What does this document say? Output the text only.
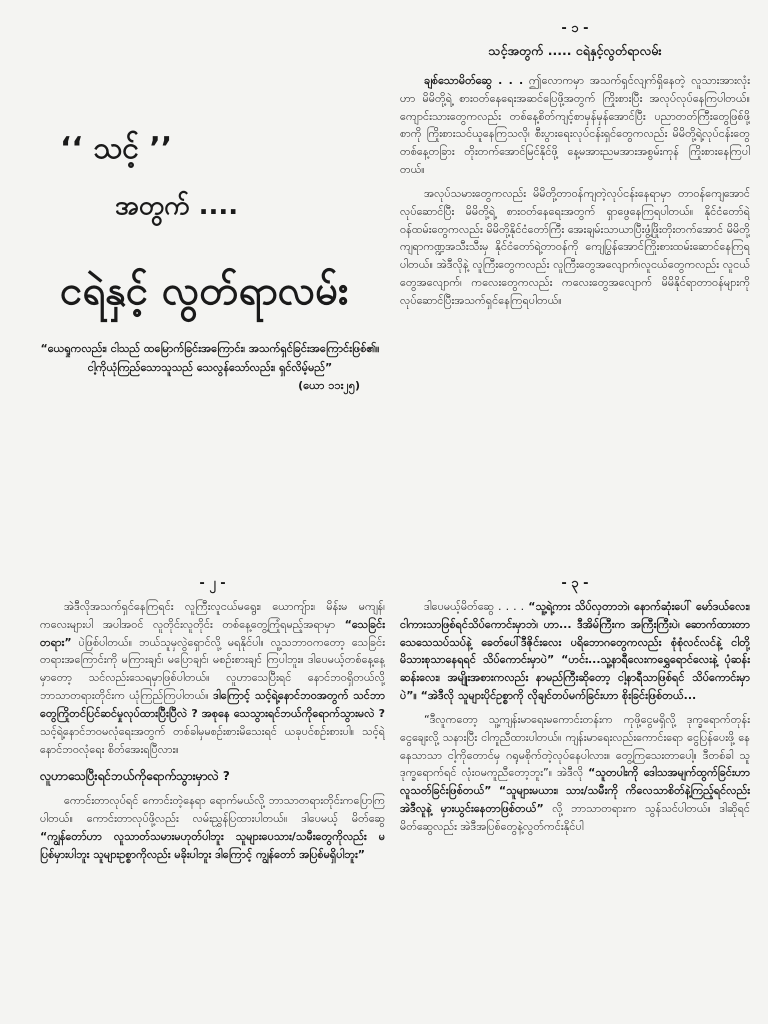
‘‘ သင့် ’’
အတွက် ....
ငရဲနှင့် လွတ်ရာလမ်း
“ယေရှုကလည်း၊ ငါသည် ထမြောက်ခြင်းအကြောင်း၊ အသက်ရှင်ခြင်းအကြောင်းဖြစ်၏။ ငါ့ကိုယုံကြည်သောသူသည် သေလွန်သော်လည်း၊ ရှင်လိမ့်မည်”
(ယော ၁၁း၂၅)
- ၁ -
သင့်အတွက် ..... ငရဲနှင့်လွတ်ရာလမ်း

ချစ်သောမိတ်ဆွေ . . . ဤလောကမှာ အသက်ရှင်လျက်ရှိနေတဲ့ လူသားအားလုံးဟာ မိမိတို့ရဲ့ စားဝတ်နေရေးအဆင်ပြေဖို့အတွက် ကြိုးစားပြီး အလုပ်လုပ်နေကြပါတယ်။ ကျောင်းသားတွေကလည်း တစ်နေ့စိတ်ကျင့်စာမှန်မှန်အောင်ပြီး ပညာတတ်ကြီးတွေဖြစ်ဖို့ စာကို ကြိုးစားသင်ယူနေကြသလို၊ စီးပွားရေးလုပ်ငန်းရှင်တွေကလည်း မိမိတို့ရဲ့လုပ်ငန်းတွေ တစ်နေ့တခြား တိုးတက်အောင်မြင်နိုင်ဖို့ နေ့မအားညမအားအစွမ်းကုန် ကြိုးစားနေကြပါတယ်။

အလုပ်သမားတွေကလည်း မိမိတို့တာဝန်ကျတဲ့လုပ်ငန်းနေရာမှာ တာဝန်ကျေအောင်လုပ်ဆောင်ပြီး မိမိတို့ရဲ့ စားဝတ်နေရေးအတွက် ရှာဖွေနေကြရပါတယ်။ နိုင်ငံတော်ရဲ့ ဝန်ထမ်းတွေကလည်း မိမိတို့နိုင်ငံတော်ကြီး အေးချမ်းသာယာပြီးဖွံ့ဖြိုးတိုးတက်အောင် မိမိတို့ကျရာကဏ္ဍအသီးသီးမှ နိုင်ငံတော်ရဲ့တာဝန်ကို ကျေပြွန်အောင်ကြိုးစားထမ်းဆောင်နေကြရပါတယ်။ အဲဒီလိုနဲ့ လူကြီးတွေကလည်း လူကြီးတွေအလျောက်၊လူငယ်တွေကလည်း လူငယ်တွေအလျောက်၊ ကလေးတွေကလည်း ကလေးတွေအလျောက် မိမိနိုင်ရာတာဝန်များကို လုပ်ဆောင်ပြီးအသက်ရှင်နေကြရပါတယ်။

- ၂ -

အဲဒီလိုအသက်ရှင်နေကြရင်း လူကြီးလူငယ်မရွေး၊ ယောကျ်ား၊ မိန်းမ မကျန်၊ ကလေးများပါ အပါအဝင် လူတိုင်းလူတိုင်း တစ်နေ့တွေ့ကြုံရမည့်အရာမှာ “သေခြင်းတရား” ပဲဖြစ်ပါတယ်။ ဘယ်သူမှလွဲရှောင်လို့ မရနိုင်ပါ။ လူ့သဘာဝကတော့ သေခြင်းတရားအကြောင်းကို မကြားချင်၊ မပြောချင်၊ မစဉ်းစားချင် ကြပါဘူး။ ဒါပေမယ့်တစ်နေ့နေ့မှာတော့ သင်လည်းသေရမှာဖြစ်ပါတယ်။ လူဟာသေပြီးရင် နောင်ဘဝရှိတယ်လို့ ဘာသာတရားတိုင်းက ယုံကြည်ကြပါတယ်။ ဒါကြောင့် သင့်ရဲ့နောင်ဘဝအတွက် သင်ဘာတွေကြိုတင်ပြင်ဆင်မှုလုပ်ထားပြီးပြီလဲ ? အစုနေ သေသွားရင်ဘယ်ကိုရောက်သွားမလဲ ? သင့်ရဲ့နောင်ဘဝမလုံရေးအတွက် တစ်ခါမှမစဉ်းစားမိသေးရင် ယခုပင်စဉ်းစားပါ။ သင့်ရဲ့နောင်ဘဝလုံရေး စိတ်အေးရပြီလား။

လူဟာသေပြီးရင်ဘယ်ကိုရောက်သွားမှာလဲ ?

ကောင်းတာလုပ်ရင် ကောင်းတဲ့နေရာ ရောက်မယ်လို့ ဘာသာတရားတိုင်းကပြောကြပါတယ်။ ကောင်းတာလုပ်ဖို့လည်း လမ်းညွှန်ပြထားပါတယ်။ ဒါပေမယ့် မိတ်ဆွေ “ကျွန်တော်ဟာ လူသာတ်သမားမဟုတ်ပါဘူး သူများပေသား/သမီးတွေကိုလည်း မပြစ်မှားပါဘူး သူများဥစ္စာကိုလည်း မခိုးပါဘူး ဒါကြောင့် ကျွန်တော် အပြစ်မရှိပါဘူး”

- ၃ -

ဒါပေမယ့်မိတ်ဆွေ . . . . “သူ့ရဲ့ကား သိပ်လှတာဘဲ၊ နောက်ဆုံးပေါ် မော်ဒယ်လေး၊ ငါကားသာဖြစ်ရင်သိပ်ကောင်းမှာဘဲ၊ ဟာ... ဒီအိမ်ကြီးက အကြီးကြီးပဲ၊ ဆောက်ထားတာ သေသေသပ်သပ်နဲ့ ခေတ်ပေါ်ဒီဇိုင်းလေး ပရိဘောဂတွေကလည်း စုံစုံလင်လင်နဲ့ ငါတို့မိသားစုသာနေရရင် သိပ်ကောင်းမှာပဲ” “ဟင်း...သူ့နာရီလေးကရွှေရောင်လေးနဲ့ ပုံဆန်းဆန်းလေး၊ အမျိုးအစားကလည်း နာမည်ကြီးဆိုတော့ ငါ့နာရီသာဖြစ်ရင် သိပ်ကောင်းမှာပဲ”။ “အဲဒီလို သူများပိုင်ဥစ္စာကို လိုချင်တပ်မက်ခြင်းဟာ စိုးခြင်းဖြစ်တယ်...

“ဒီလူကတော့ သူ့ကျန်းမာရေးမကောင်းတန်းက ကုဖို့ငွေမရှိလို့ ဒုက္ခရောက်တုန်းငွေချေးလို့ သနားပြီး ငါကူညီထားပါတယ်။ ကျန်းမာရေးလည်းကောင်းရော ငွေပြန်ပေးဖို့ နေနေသာသာ ငါ့ကိုတောင်မှ ဂရုမစိုက်တဲ့လုပ်နေပါလား။ တွေ့ကြသေးတာပေါ့။ ဒီတစ်ခါ သူဒုက္ခရောက်ရင် လုံးဝမကူညီတော့ဘူး”။ အဲဒီလို “သူတပါးကို ဒေါသအမျက်ထွက်ခြင်းဟာ လူသတ်ခြင်းဖြစ်တယ်” “သူများမယား၊ သား/သမီးကို ကိလေသာစိတ်နဲ့ကြည့်ရင်လည်း အဲဒီလူနဲ့ မှားယွင်းနေတာဖြစ်တယ်” လို့ ဘာသာတရားက သွန်သင်ပါတယ်။ ဒါဆိုရင်မိတ်ဆွေလည်း အဲဒီအပြစ်တွေနဲ့လွတ်ကင်းနိုင်ပါ
